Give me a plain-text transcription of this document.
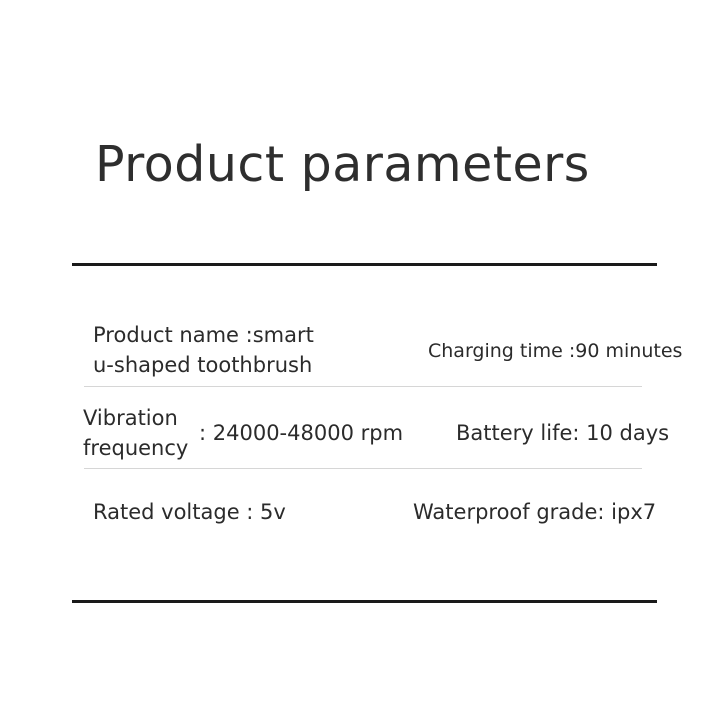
Product parameters
Product name :smart
u-shaped toothbrush
Charging time :90 minutes
Vibration
frequency
: 24000-48000 rpm	Battery life: 10 days
Rated voltage : 5v	Waterproof grade: ipx7
